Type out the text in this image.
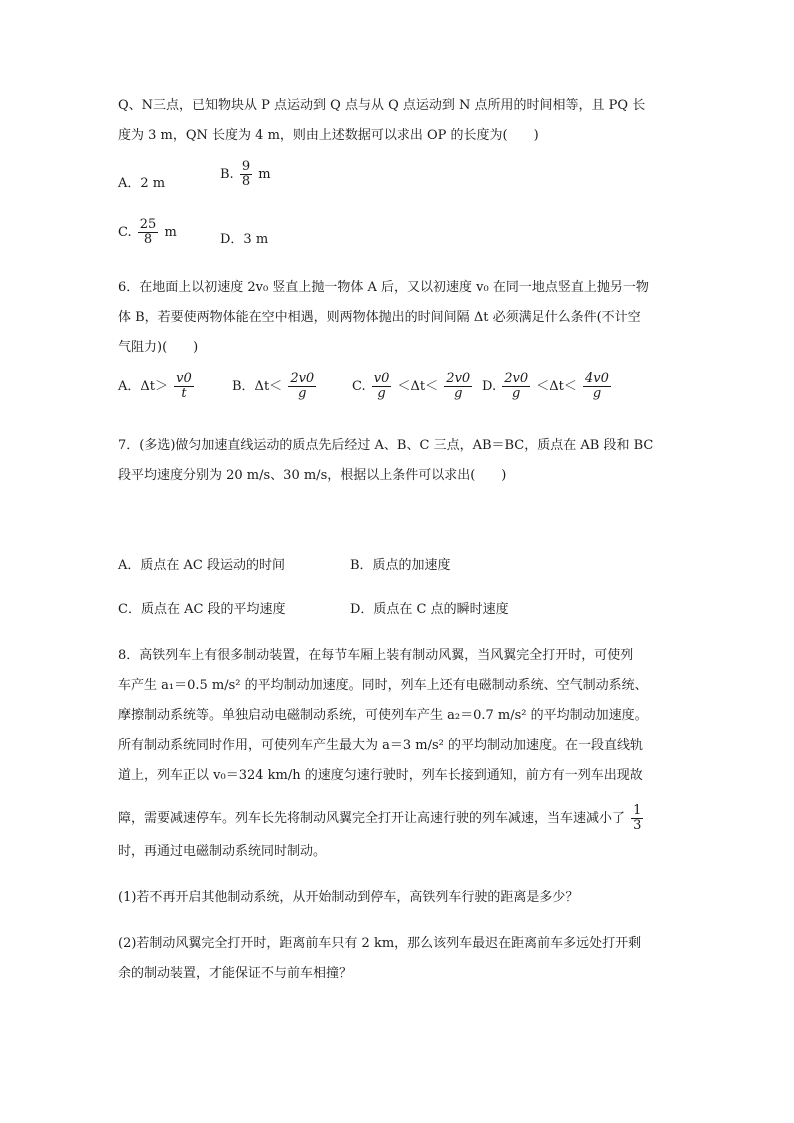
Q、N三点，已知物块从 P 点运动到 Q 点与从 Q 点运动到 N 点所用的时间相等，且 PQ 长
度为 3 m，QN 长度为 4 m，则由上述数据可以求出 OP 的长度为(　　)
A．2 m
B. $\frac{9}{8}$ m
C. $\frac{25}{8}$ m	D．3 m
6．在地面上以初速度 2v₀ 竖直上抛一物体 A 后，又以初速度 v₀ 在同一地点竖直上抛另一物
体 B，若要使两物体能在空中相遇，则两物体抛出的时间间隔 Δt 必须满足什么条件(不计空
气阻力)(　　)
A．$\Delta t> \frac{v0}{t}$	B．$\Delta t< \frac{2v0}{g}$	C. $\frac{v0}{g} <\Delta t< \frac{2v0}{g} D$. $\frac{2v0}{g} <\Delta t< \frac{4v0}{g}$
7．(多选)做匀加速直线运动的质点先后经过 A、B、C 三点，AB＝BC，质点在 AB 段和 BC
段平均速度分别为 20 m/s、30 m/s，根据以上条件可以求出(　　)
A．质点在 AC 段运动的时间	B．质点的加速度
C．质点在 AC 段的平均速度	D．质点在 C 点的瞬时速度
8．高铁列车上有很多制动装置，在每节车厢上装有制动风翼，当风翼完全打开时，可使列
车产生 a₁＝0.5 m/s² 的平均制动加速度。同时，列车上还有电磁制动系统、空气制动系统、
摩擦制动系统等。单独启动电磁制动系统，可使列车产生 a₂＝0.7 m/s² 的平均制动加速度。
所有制动系统同时作用，可使列车产生最大为 a＝3 m/s² 的平均制动加速度。在一段直线轨
道上，列车正以 v₀＝324 km/h 的速度匀速行驶时，列车长接到通知，前方有一列车出现故
障，需要减速停车。列车长先将制动风翼完全打开让高速行驶的列车减速，当车速减小了 $\frac{1}{3}$
时，再通过电磁制动系统同时制动。
(1)若不再开启其他制动系统，从开始制动到停车，高铁列车行驶的距离是多少？
(2)若制动风翼完全打开时，距离前车只有 2 km，那么该列车最迟在距离前车多远处打开剩
余的制动装置，才能保证不与前车相撞？
